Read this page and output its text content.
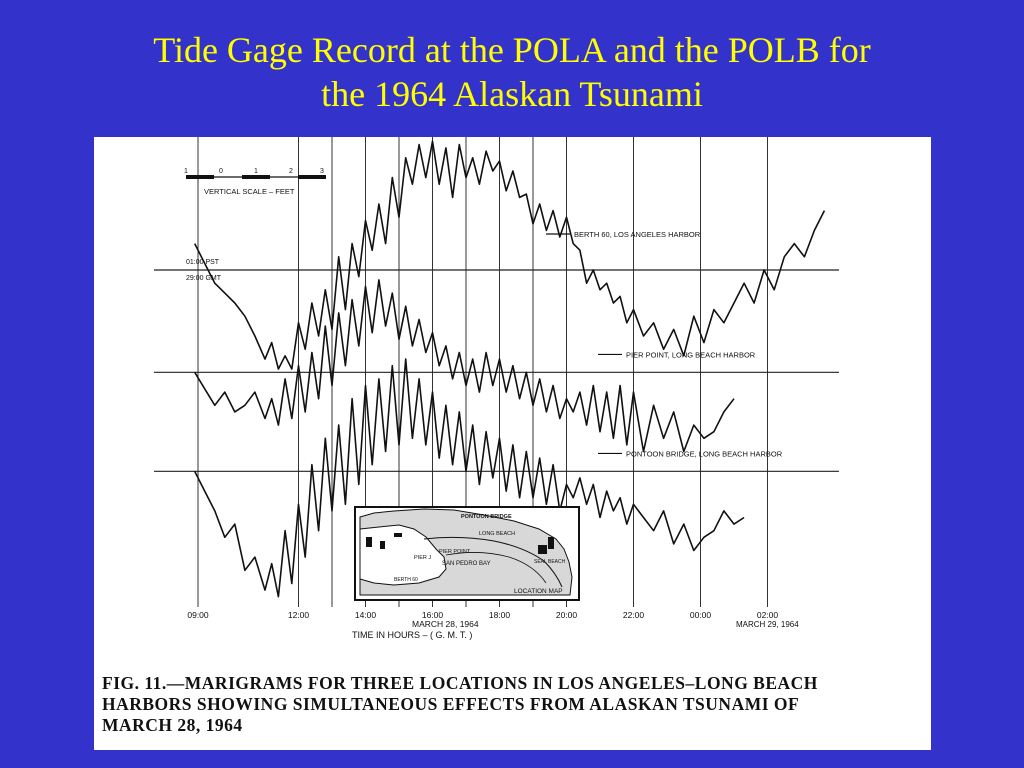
Tide Gage Record at the POLA and the POLB for
the 1964 Alaskan Tsunami
1	0	1	2	3
VERTICAL SCALE – FEET
01:00 PST
29:00 GMT
BERTH 60, LOS ANGELES HARBOR
PIER POINT, LONG BEACH HARBOR
PONTOON BRIDGE, LONG BEACH HARBOR
09:00	12:00	14:00	16:00	18:00	20:00	22:00	00:00	02:00
MARCH 28, 1964
TIME IN HOURS – ( G. M. T. )
MARCH 29, 1964
PONTOON BRIDGE
LONG BEACH
PIER POINT
PIER J
SAN PEDRO BAY
BERTH 60
SEAL BEACH
LOCATION MAP
FIG. 11.—MARIGRAMS FOR THREE LOCATIONS IN LOS ANGELES–LONG BEACH
HARBORS SHOWING SIMULTANEOUS EFFECTS FROM ALASKAN TSUNAMI OF
MARCH 28, 1964
